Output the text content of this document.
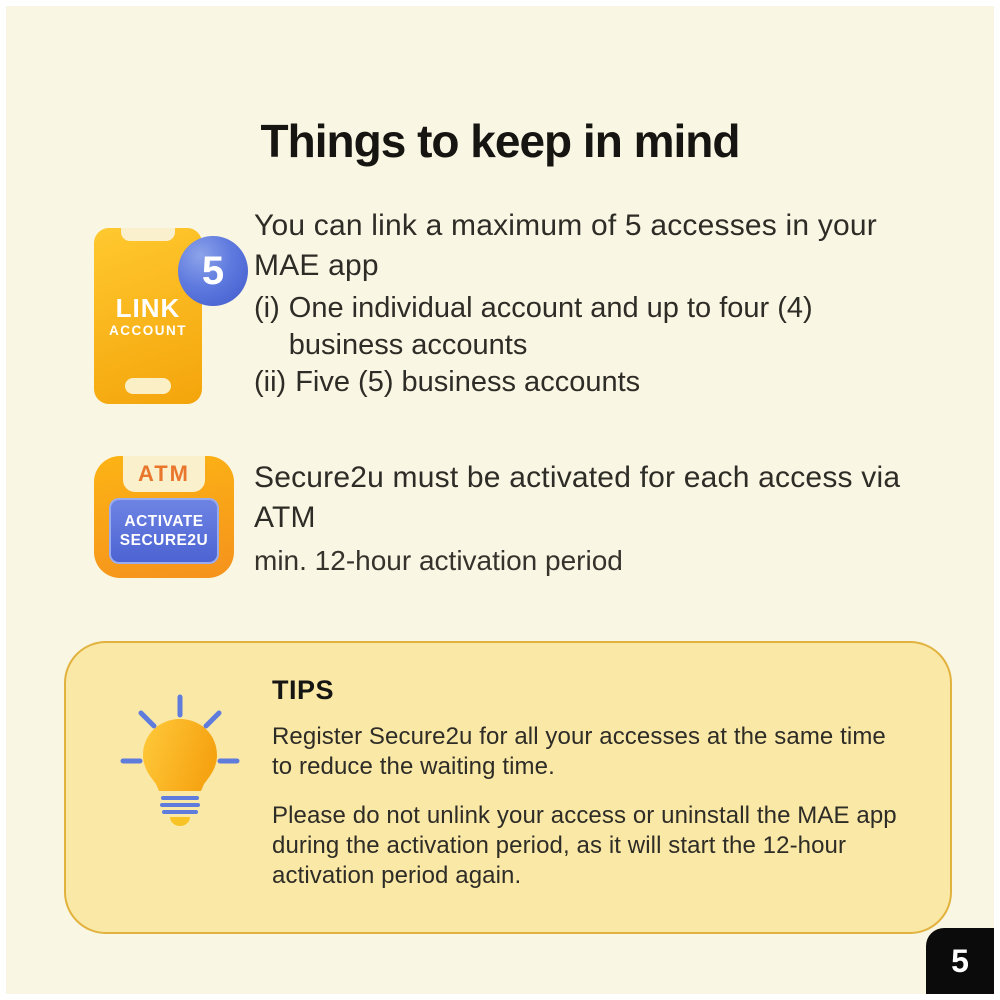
Things to keep in mind
LINK
ACCOUNT
5
You can link a maximum of 5 accesses in your MAE app
(i) One individual account and up to four (4) business accounts
(ii) Five (5) business accounts
ATM
ACTIVATE
SECURE2U
Secure2u must be activated for each access via ATM
min. 12-hour activation period
TIPS
Register Secure2u for all your accesses at the same time to reduce the waiting time.
Please do not unlink your access or uninstall the MAE app during the activation period, as it will start the 12-hour activation period again.
5
